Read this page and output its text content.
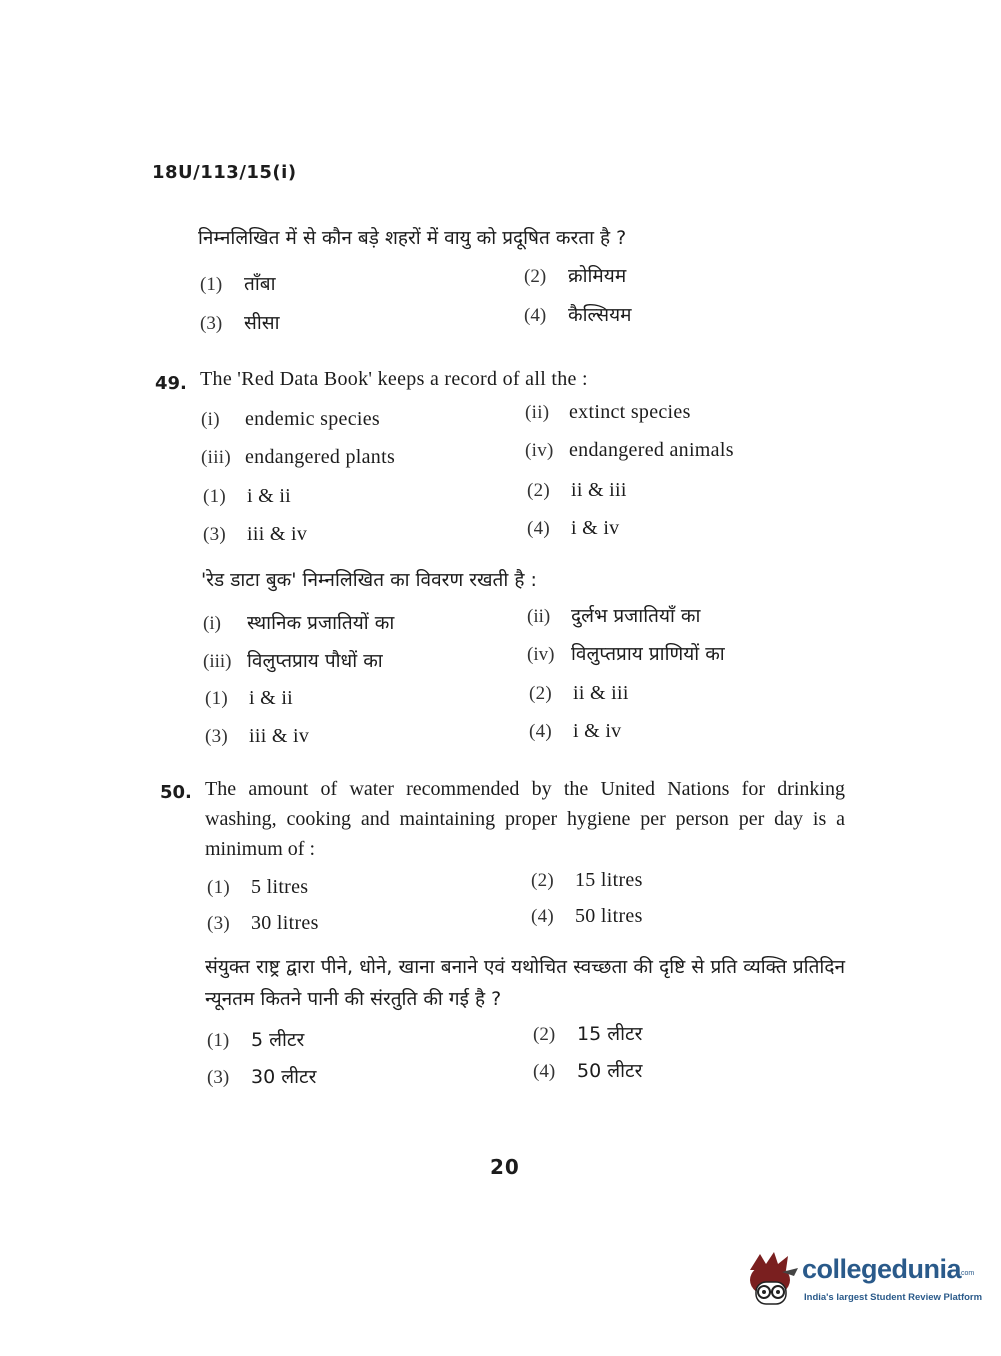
18U/113/15(i)
निम्नलिखित में से कौन बड़े शहरों में वायु को प्रदूषित करता है ?
(1) ताँबा	(2) क्रोमियम
(3) सीसा	(4) कैल्सियम
49. The 'Red Data Book' keeps a record of all the :
(i) endemic species	(ii) extinct species
(iii) endangered plants	(iv) endangered animals
(1) i & ii	(2) ii & iii
(3) iii & iv	(4) i & iv
'रेड डाटा बुक' निम्नलिखित का विवरण रखती है :
(i) स्थानिक प्रजातियों का	(ii) दुर्लभ प्रजातियाँ का
(iii) विलुप्तप्राय पौधों का	(iv) विलुप्तप्राय प्राणियों का
(1) i & ii	(2) ii & iii
(3) iii & iv	(4) i & iv
50. The amount of water recommended by the United Nations for drinking washing, cooking and maintaining proper hygiene per person per day is a minimum of :
(1) 5 litres	(2) 15 litres
(3) 30 litres	(4) 50 litres
संयुक्त राष्ट्र द्वारा पीने, धोने, खाना बनाने एवं यथोचित स्वच्छता की दृष्टि से प्रति व्यक्ति प्रतिदिन न्यूनतम कितने पानी की संरतुति की गई है ?
(1) 5 लीटर	(2) 15 लीटर
(3) 30 लीटर	(4) 50 लीटर
20
collegedunia
.com
India's largest Student Review Platform
